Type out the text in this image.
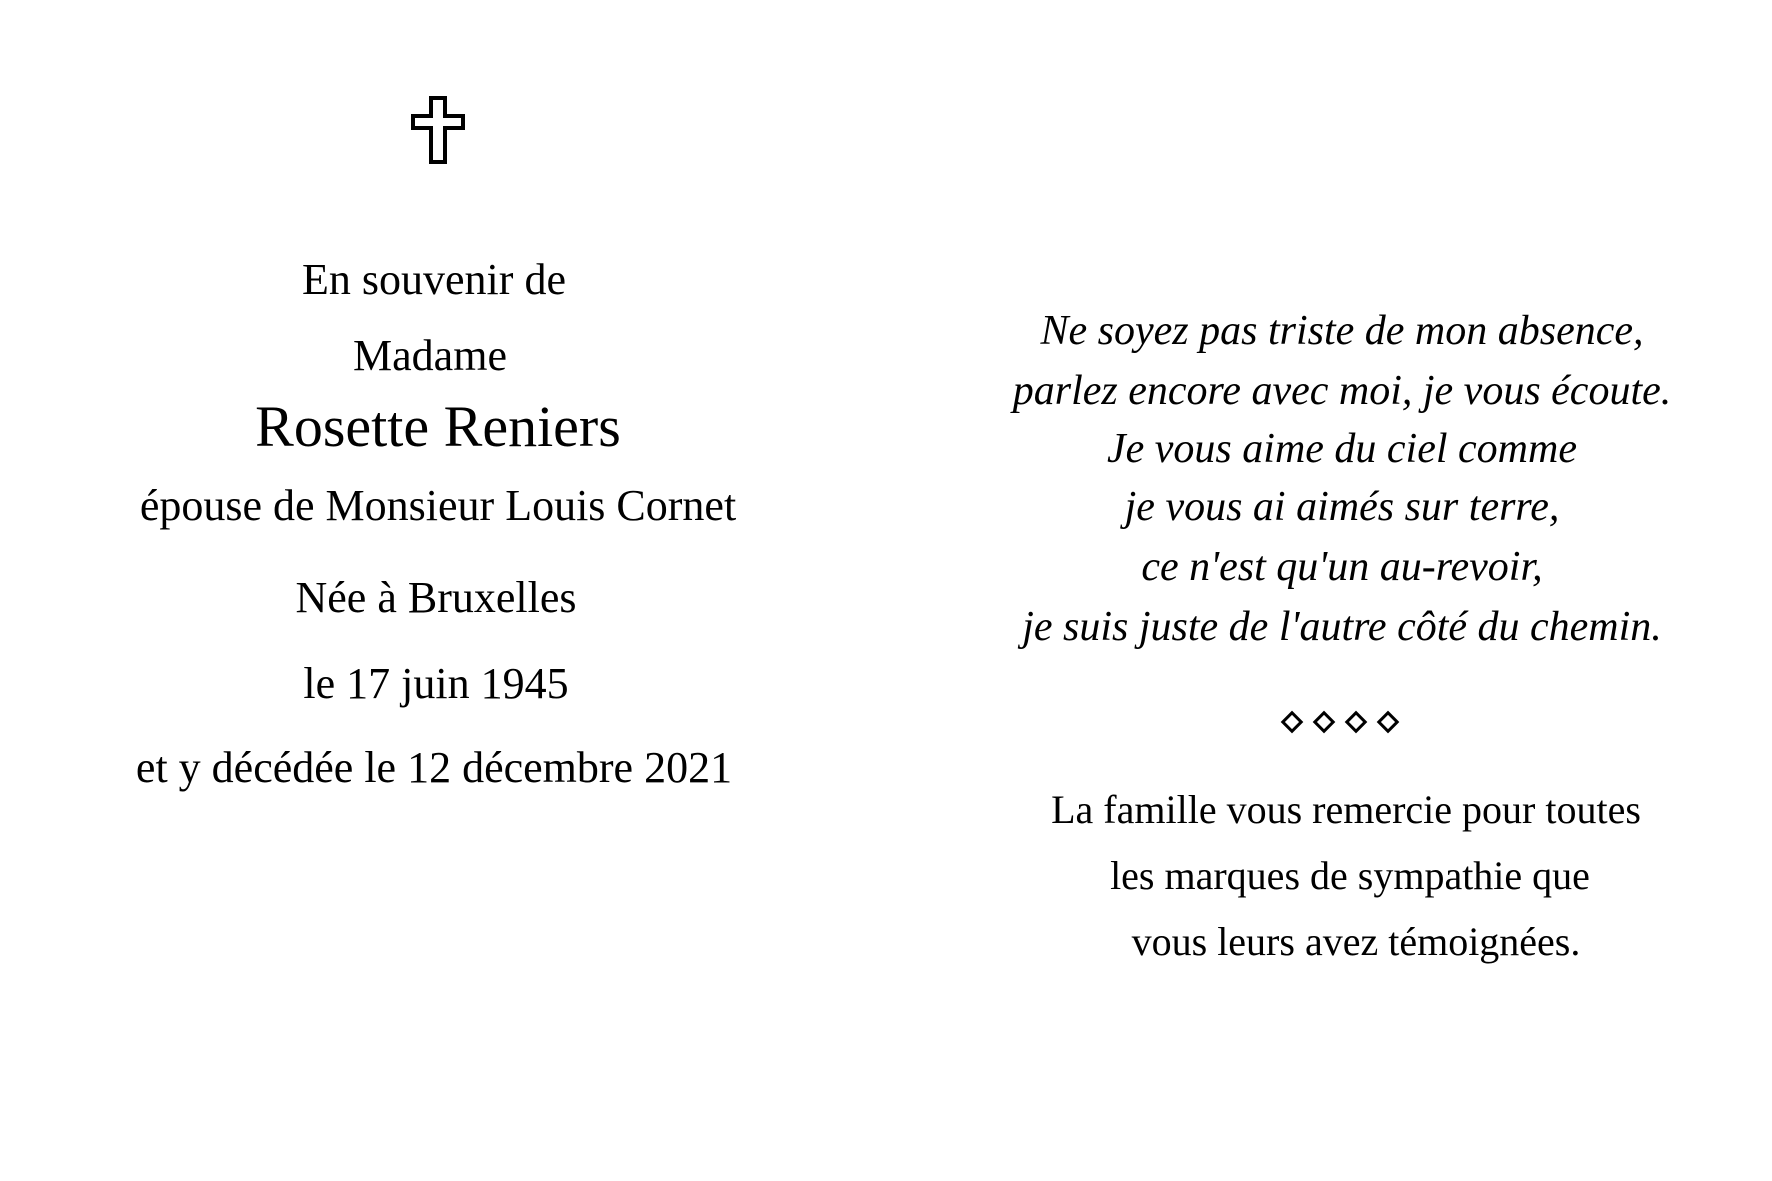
En souvenir de
Madame
Rosette Reniers
épouse de Monsieur Louis Cornet
Née à Bruxelles
le 17 juin 1945
et y décédée le 12 décembre 2021
Ne soyez pas triste de mon absence,
parlez encore avec moi, je vous écoute.
Je vous aime du ciel comme
je vous ai aimés sur terre,
ce n'est qu'un au-revoir,
je suis juste de l'autre côté du chemin.
La famille vous remercie pour toutes
les marques de sympathie que
vous leurs avez témoignées.
